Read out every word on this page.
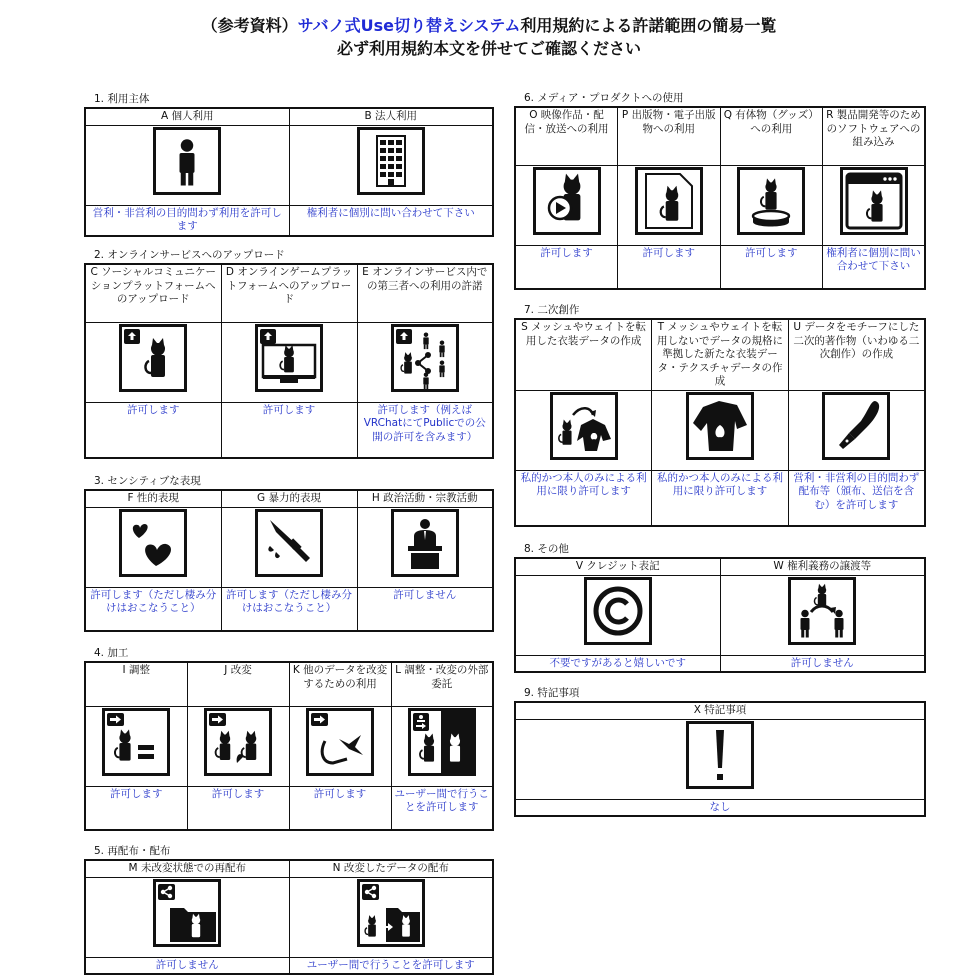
（参考資料）サバノ式Use切り替えシステム利用規約による許諾範囲の簡易一覧
必ず利用規約本文を併せてご確認ください
1. 利用主体
A 個人利用	B 法人利用

営利・非営利の目的問わず利用を許可します	権利者に個別に問い合わせて下さい
2. オンラインサービスへのアップロード
C ソーシャルコミュニケーションプラットフォームへのアップロード	D オンラインゲームプラットフォームへのアップロード	E オンラインサービス内での第三者への利用の許諾

許可します	許可します	許可します（例えばVRChatにてPublicでの公開の許可を含みます）
3. センシティブな表現
F 性的表現	G 暴力的表現	H 政治活動・宗教活動

許可します（ただし棲み分けはおこなうこと）	許可します（ただし棲み分けはおこなうこと）	許可しません
4. 加工
I 調整	J 改変	K 他のデータを改変するための利用	L 調整・改変の外部委託

許可します	許可します	許可します	ユーザー間で行うことを許可します
5. 再配布・配布
M 未改変状態での再配布	N 改変したデータの配布

許可しません	ユーザー間で行うことを許可します
6. メディア・プロダクトへの使用
O 映像作品・配信・放送への利用	P 出版物・電子出版物への利用	Q 有体物（グッズ）への利用	R 製品開発等のためのソフトウェアへの組み込み

許可します	許可します	許可します	権利者に個別に問い合わせて下さい
7. 二次創作
S メッシュやウェイトを転用した衣装データの作成	T メッシュやウェイトを転用しないでデータの規格に準拠した新たな衣装データ・テクスチャデータの作成	U データをモチーフにした二次的著作物（いわゆる二次創作）の作成

私的かつ本人のみによる利用に限り許可します	私的かつ本人のみによる利用に限り許可します	営利・非営利の目的問わず配布等（頒布、送信を含む）を許可します
8. その他
V クレジット表記	W 権利義務の譲渡等

不要ですがあると嬉しいです	許可しません
9. 特記事項
X 特記事項

なし
